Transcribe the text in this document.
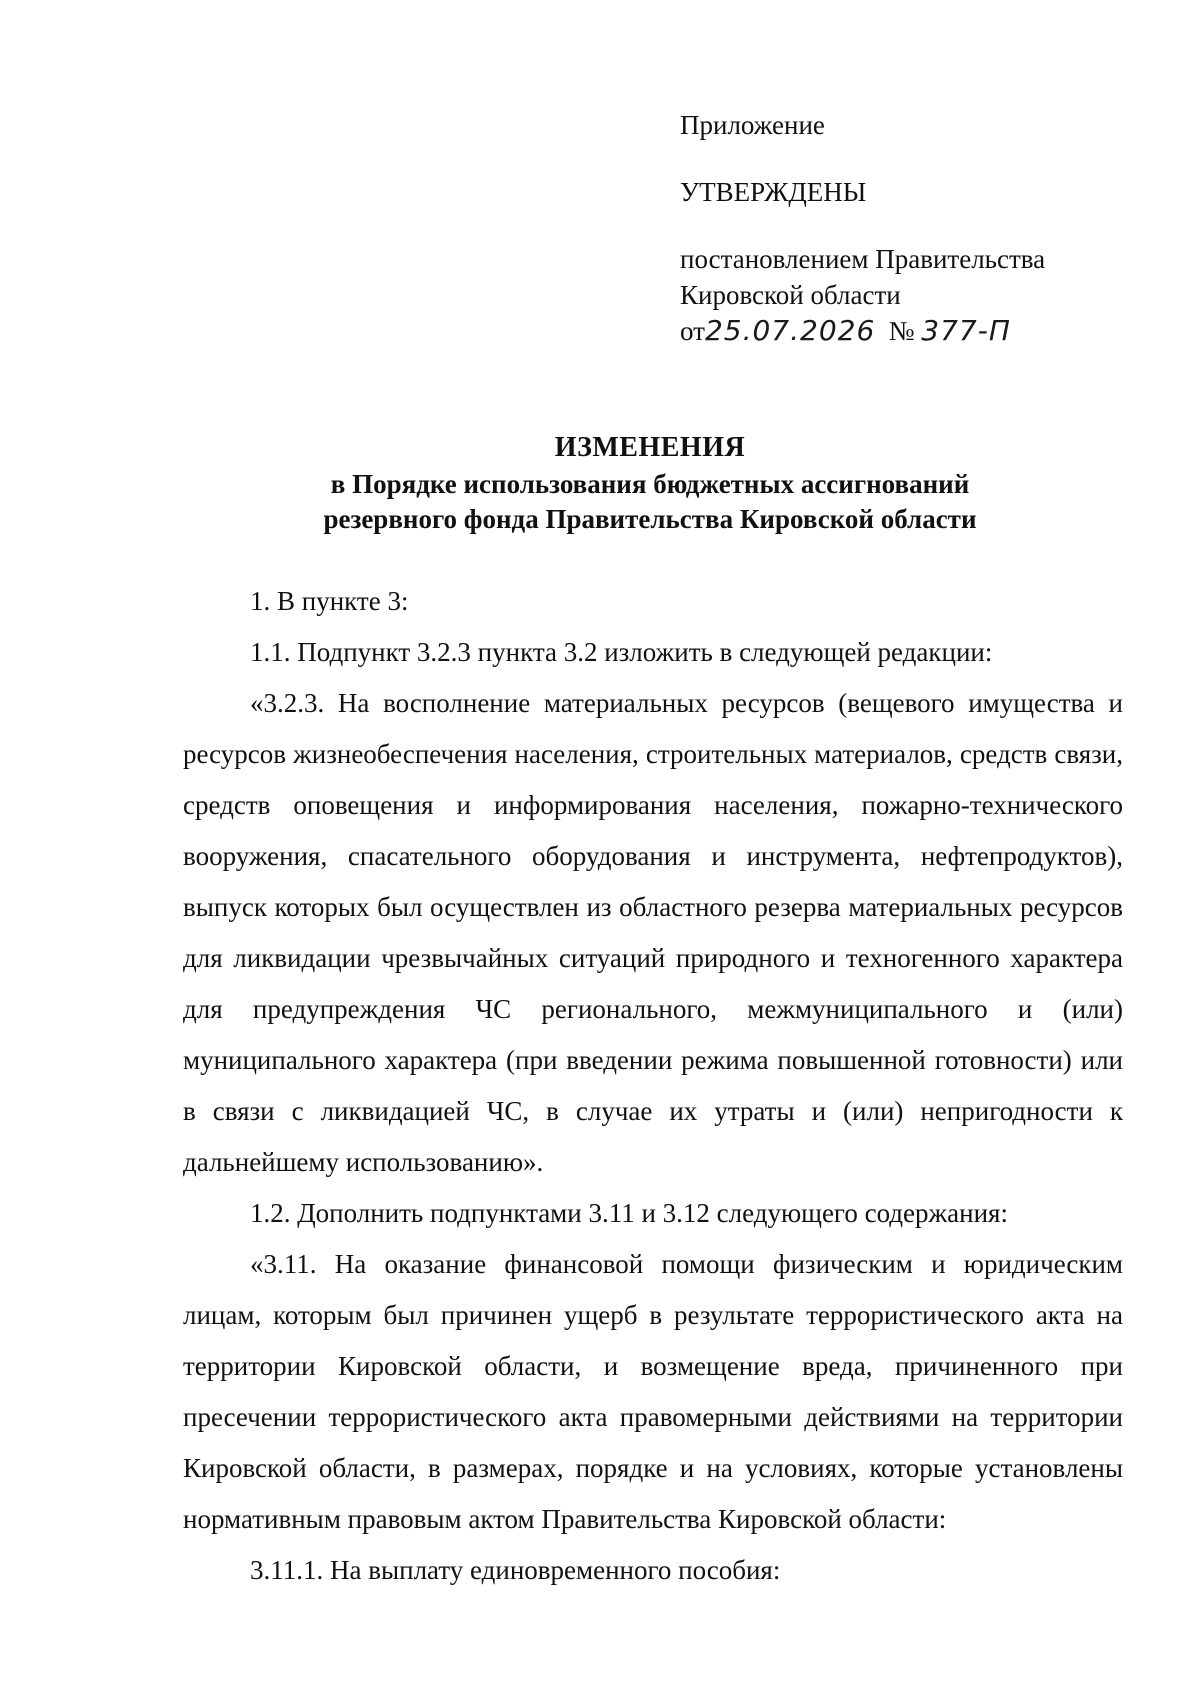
Приложение
УТВЕРЖДЕНЫ
постановлением Правительства
Кировской области
от25.07.2026 № 377-П
ИЗМЕНЕНИЯ
в Порядке использования бюджетных ассигнований
резервного фонда Правительства Кировской области

1. В пункте 3:

1.1. Подпункт 3.2.3 пункта 3.2 изложить в следующей редакции:

«3.2.3. На восполнение материальных ресурсов (вещевого имущества и ресурсов жизнеобеспечения населения, строительных материалов, средств связи, средств оповещения и информирования населения, пожарно-технического вооружения, спасательного оборудования и инструмента, нефтепродуктов), выпуск которых был осуществлен из областного резерва материальных ресурсов для ликвидации чрезвычайных ситуаций природного и техногенного характера для предупреждения ЧС регионального, межмуниципального и (или) муниципального характера (при введении режима повышенной готовности) или в связи с ликвидацией ЧС, в случае их утраты и (или) непригодности к дальнейшему использованию».

1.2. Дополнить подпунктами 3.11 и 3.12 следующего содержания:

«3.11. На оказание финансовой помощи физическим и юридическим лицам, которым был причинен ущерб в результате террористического акта на территории Кировской области, и возмещение вреда, причиненного при пресечении террористического акта правомерными действиями на территории Кировской области, в размерах, порядке и на условиях, которые установлены нормативным правовым актом Правительства Кировской области:

3.11.1. На выплату единовременного пособия:
